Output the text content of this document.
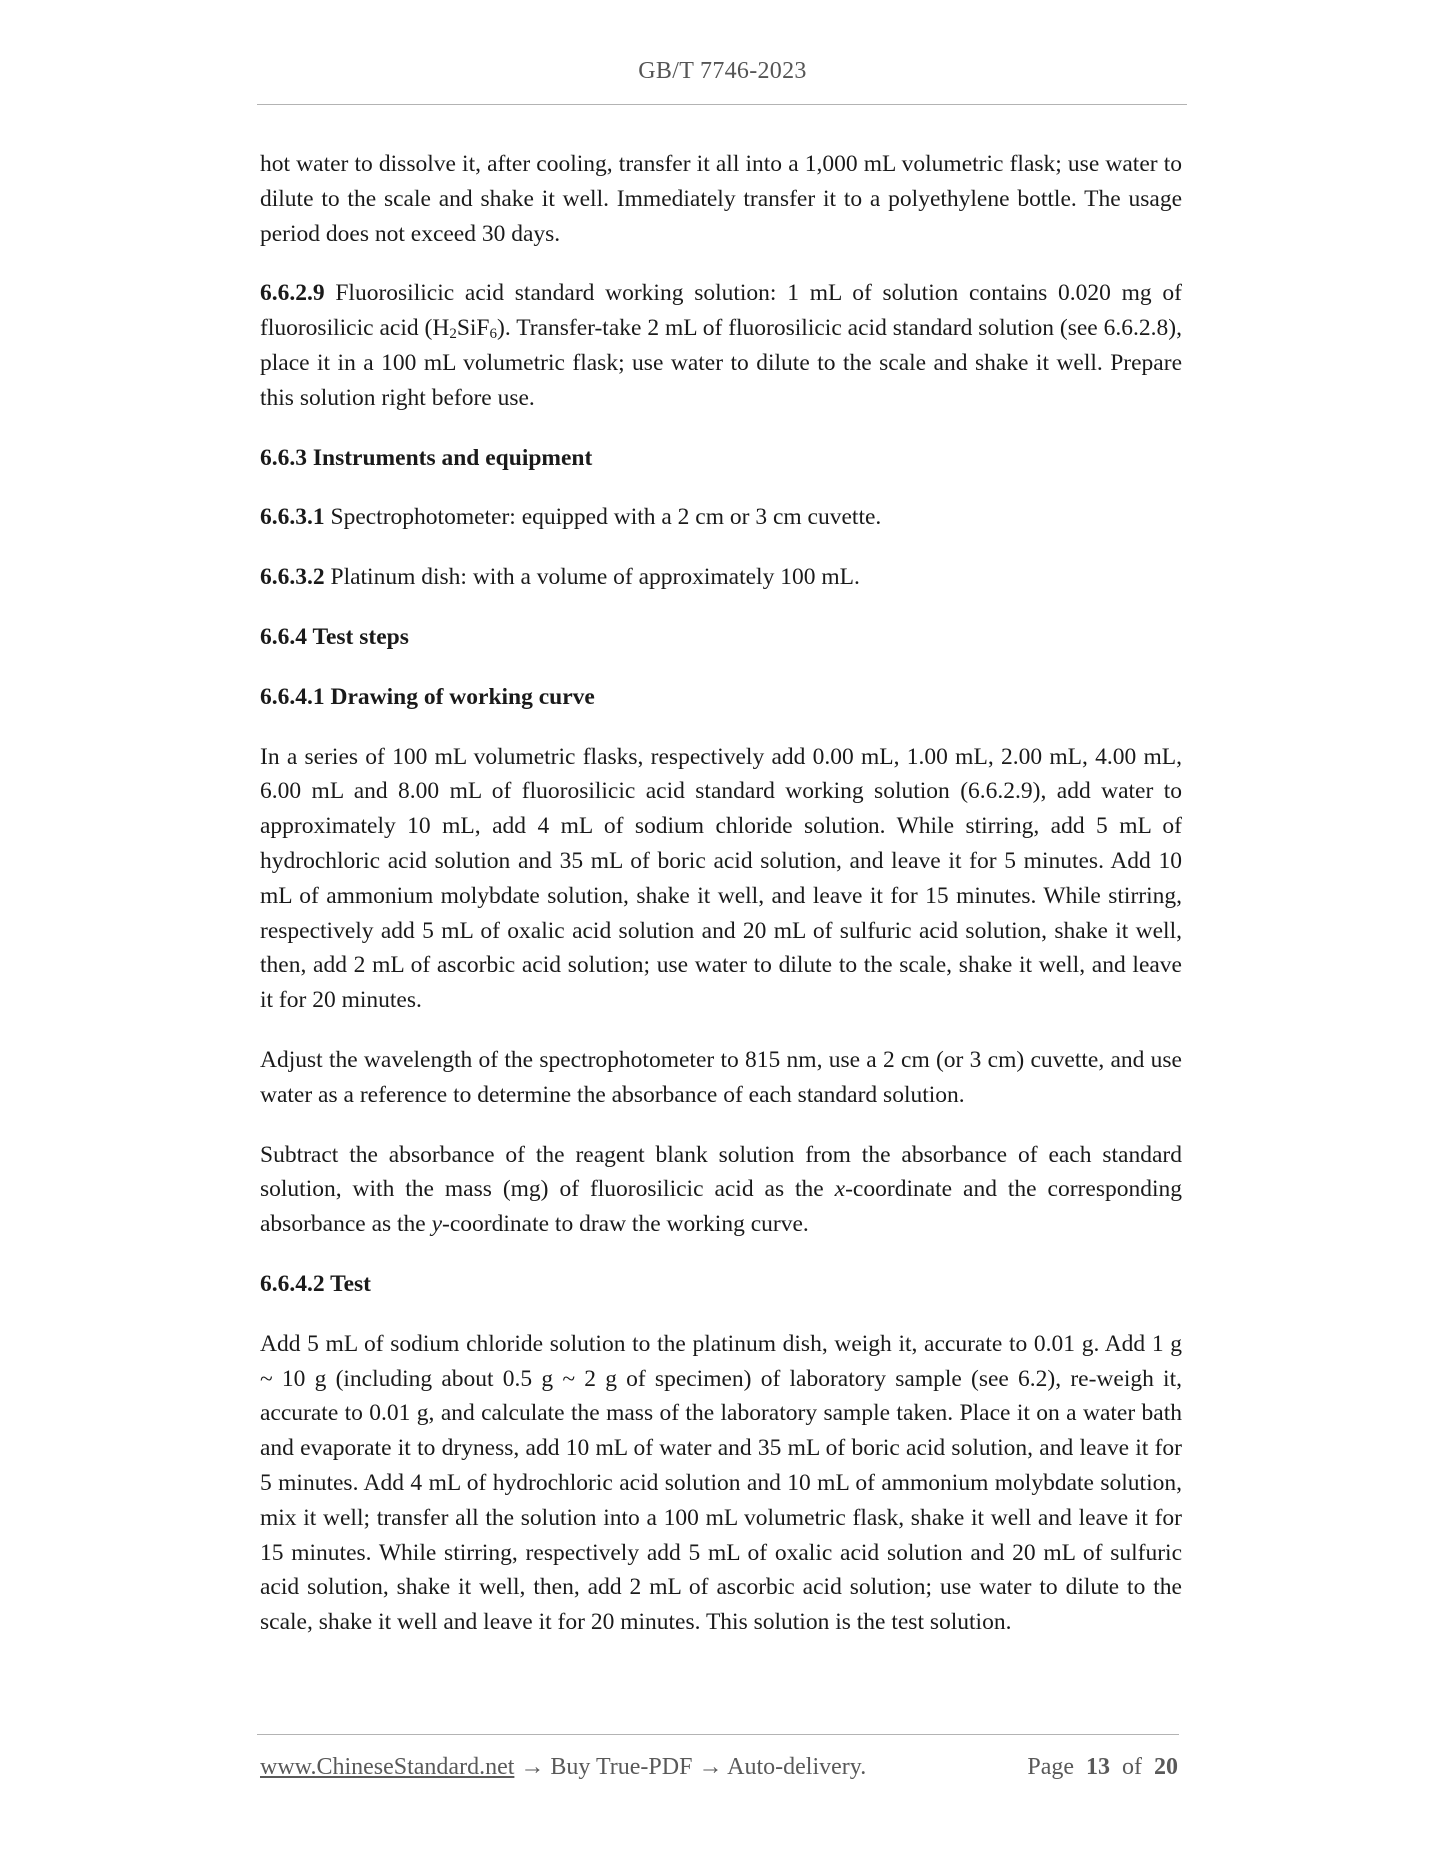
GB/T 7746-2023

hot water to dissolve it, after cooling, transfer it all into a 1,000 mL volumetric flask; use water to dilute to the scale and shake it well. Immediately transfer it to a polyethylene bottle. The usage period does not exceed 30 days.

6.6.2.9 Fluorosilicic acid standard working solution: 1 mL of solution contains 0.020 mg of fluorosilicic acid $(H_2SiF_6)$. Transfer-take 2 mL of fluorosilicic acid standard solution (see 6.6.2.8), place it in a 100 mL volumetric flask; use water to dilute to the scale and shake it well. Prepare this solution right before use.

6.6.3 Instruments and equipment

6.6.3.1 Spectrophotometer: equipped with a 2 cm or 3 cm cuvette.

6.6.3.2 Platinum dish: with a volume of approximately 100 mL.

6.6.4 Test steps

6.6.4.1 Drawing of working curve

In a series of 100 mL volumetric flasks, respectively add 0.00 mL, 1.00 mL, 2.00 mL, 4.00 mL, 6.00 mL and 8.00 mL of fluorosilicic acid standard working solution (6.6.2.9), add water to approximately 10 mL, add 4 mL of sodium chloride solution. While stirring, add 5 mL of hydrochloric acid solution and 35 mL of boric acid solution, and leave it for 5 minutes. Add 10 mL of ammonium molybdate solution, shake it well, and leave it for 15 minutes. While stirring, respectively add 5 mL of oxalic acid solution and 20 mL of sulfuric acid solution, shake it well, then, add 2 mL of ascorbic acid solution; use water to dilute to the scale, shake it well, and leave it for 20 minutes.

Adjust the wavelength of the spectrophotometer to 815 nm, use a 2 cm (or 3 cm) cuvette, and use water as a reference to determine the absorbance of each standard solution.

Subtract the absorbance of the reagent blank solution from the absorbance of each standard solution, with the mass (mg) of fluorosilicic acid as the x-coordinate and the corresponding absorbance as the y-coordinate to draw the working curve.

6.6.4.2 Test

Add 5 mL of sodium chloride solution to the platinum dish, weigh it, accurate to 0.01 g. Add 1 g ~ 10 g (including about 0.5 g ~ 2 g of specimen) of laboratory sample (see 6.2), re-weigh it, accurate to 0.01 g, and calculate the mass of the laboratory sample taken. Place it on a water bath and evaporate it to dryness, add 10 mL of water and 35 mL of boric acid solution, and leave it for 5 minutes. Add 4 mL of hydrochloric acid solution and 10 mL of ammonium molybdate solution, mix it well; transfer all the solution into a 100 mL volumetric flask, shake it well and leave it for 15 minutes. While stirring, respectively add 5 mL of oxalic acid solution and 20 mL of sulfuric acid solution, shake it well, then, add 2 mL of ascorbic acid solution; use water to dilute to the scale, shake it well and leave it for 20 minutes. This solution is the test solution.

www.ChineseStandard.net → Buy True-PDF → Auto-delivery.	Page 13 of 20
